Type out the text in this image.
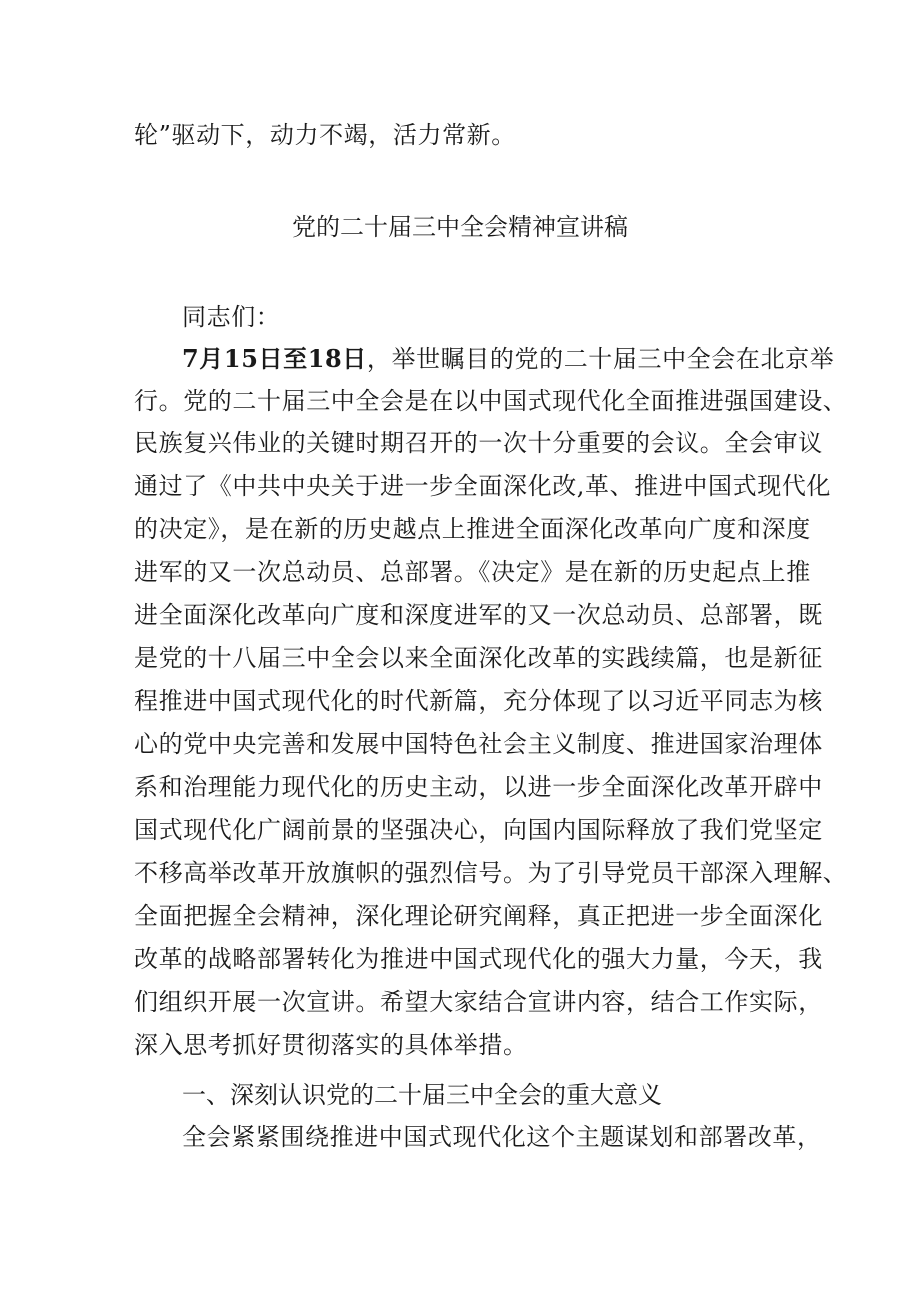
轮”驱动下，动力不竭，活力常新。
党的二十届三中全会精神宣讲稿
同志们：
7月15日至18日，举世瞩目的党的二十届三中全会在北京举
行。党的二十届三中全会是在以中国式现代化全面推进强国建设、
民族复兴伟业的关键时期召开的一次十分重要的会议。全会审议
通过了《中共中央关于进一步全面深化改,革、推进中国式现代化
的决定》，是在新的历史越点上推进全面深化改革向广度和深度
进军的又一次总动员、总部署。《决定》是在新的历史起点上推
进全面深化改革向广度和深度进军的又一次总动员、总部署，既
是党的十八届三中全会以来全面深化改革的实践续篇，也是新征
程推进中国式现代化的时代新篇，充分体现了以习近平同志为核
心的党中央完善和发展中国特色社会主义制度、推进国家治理体
系和治理能力现代化的历史主动，以进一步全面深化改革开辟中
国式现代化广阔前景的坚强决心，向国内国际释放了我们党坚定
不移高举改革开放旗帜的强烈信号。为了引导党员干部深入理解、
全面把握全会精神，深化理论研究阐释，真正把进一步全面深化
改革的战略部署转化为推进中国式现代化的强大力量，今天，我
们组织开展一次宣讲。希望大家结合宣讲内容，结合工作实际，
深入思考抓好贯彻落实的具体举措。
一、深刻认识党的二十届三中全会的重大意义
全会紧紧围绕推进中国式现代化这个主题谋划和部署改革，
